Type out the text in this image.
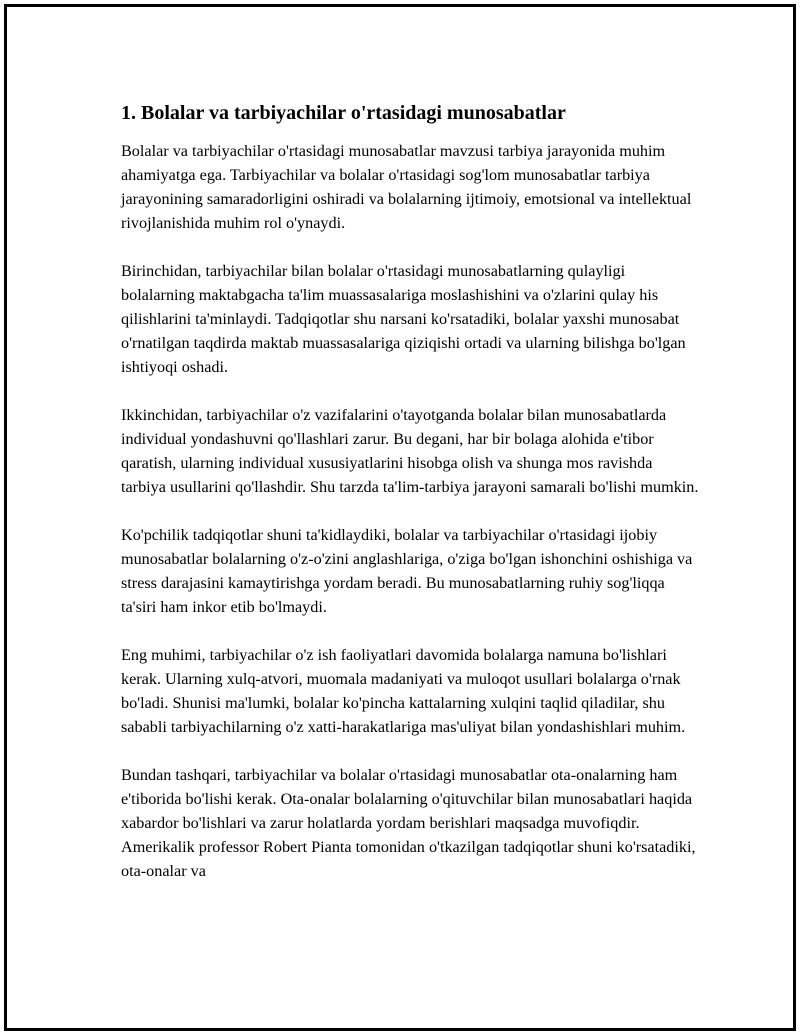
1. Bolalar va tarbiyachilar o'rtasidagi munosabatlar

Bolalar va tarbiyachilar o'rtasidagi munosabatlar mavzusi tarbiya jarayonida muhim ahamiyatga ega. Tarbiyachilar va bolalar o'rtasidagi sog'lom munosabatlar tarbiya jarayonining samaradorligini oshiradi va bolalarning ijtimoiy, emotsional va intellektual rivojlanishida muhim rol o'ynaydi.

Birinchidan, tarbiyachilar bilan bolalar o'rtasidagi munosabatlarning qulayligi bolalarning maktabgacha ta'lim muassasalariga moslashishini va o'zlarini qulay his qilishlarini ta'minlaydi. Tadqiqotlar shu narsani ko'rsatadiki, bolalar yaxshi munosabat o'rnatilgan taqdirda maktab muassasalariga qiziqishi ortadi va ularning bilishga bo'lgan ishtiyoqi oshadi.

Ikkinchidan, tarbiyachilar o'z vazifalarini o'tayotganda bolalar bilan munosabatlarda individual yondashuvni qo'llashlari zarur. Bu degani, har bir bolaga alohida e'tibor qaratish, ularning individual xususiyatlarini hisobga olish va shunga mos ravishda tarbiya usullarini qo'llashdir. Shu tarzda ta'lim-tarbiya jarayoni samarali bo'lishi mumkin.

Ko'pchilik tadqiqotlar shuni ta'kidlaydiki, bolalar va tarbiyachilar o'rtasidagi ijobiy munosabatlar bolalarning o'z-o'zini anglashlariga, o'ziga bo'lgan ishonchini oshishiga va stress darajasini kamaytirishga yordam beradi. Bu munosabatlarning ruhiy sog'liqqa ta'siri ham inkor etib bo'lmaydi.

Eng muhimi, tarbiyachilar o'z ish faoliyatlari davomida bolalarga namuna bo'lishlari kerak. Ularning xulq-atvori, muomala madaniyati va muloqot usullari bolalarga o'rnak bo'ladi. Shunisi ma'lumki, bolalar ko'pincha kattalarning xulqini taqlid qiladilar, shu sababli tarbiyachilarning o'z xatti-harakatlariga mas'uliyat bilan yondashishlari muhim.

Bundan tashqari, tarbiyachilar va bolalar o'rtasidagi munosabatlar ota-onalarning ham e'tiborida bo'lishi kerak. Ota-onalar bolalarning o'qituvchilar bilan munosabatlari haqida xabardor bo'lishlari va zarur holatlarda yordam berishlari maqsadga muvofiqdir. Amerikalik professor Robert Pianta tomonidan o'tkazilgan tadqiqotlar shuni ko'rsatadiki, ota-onalar va
